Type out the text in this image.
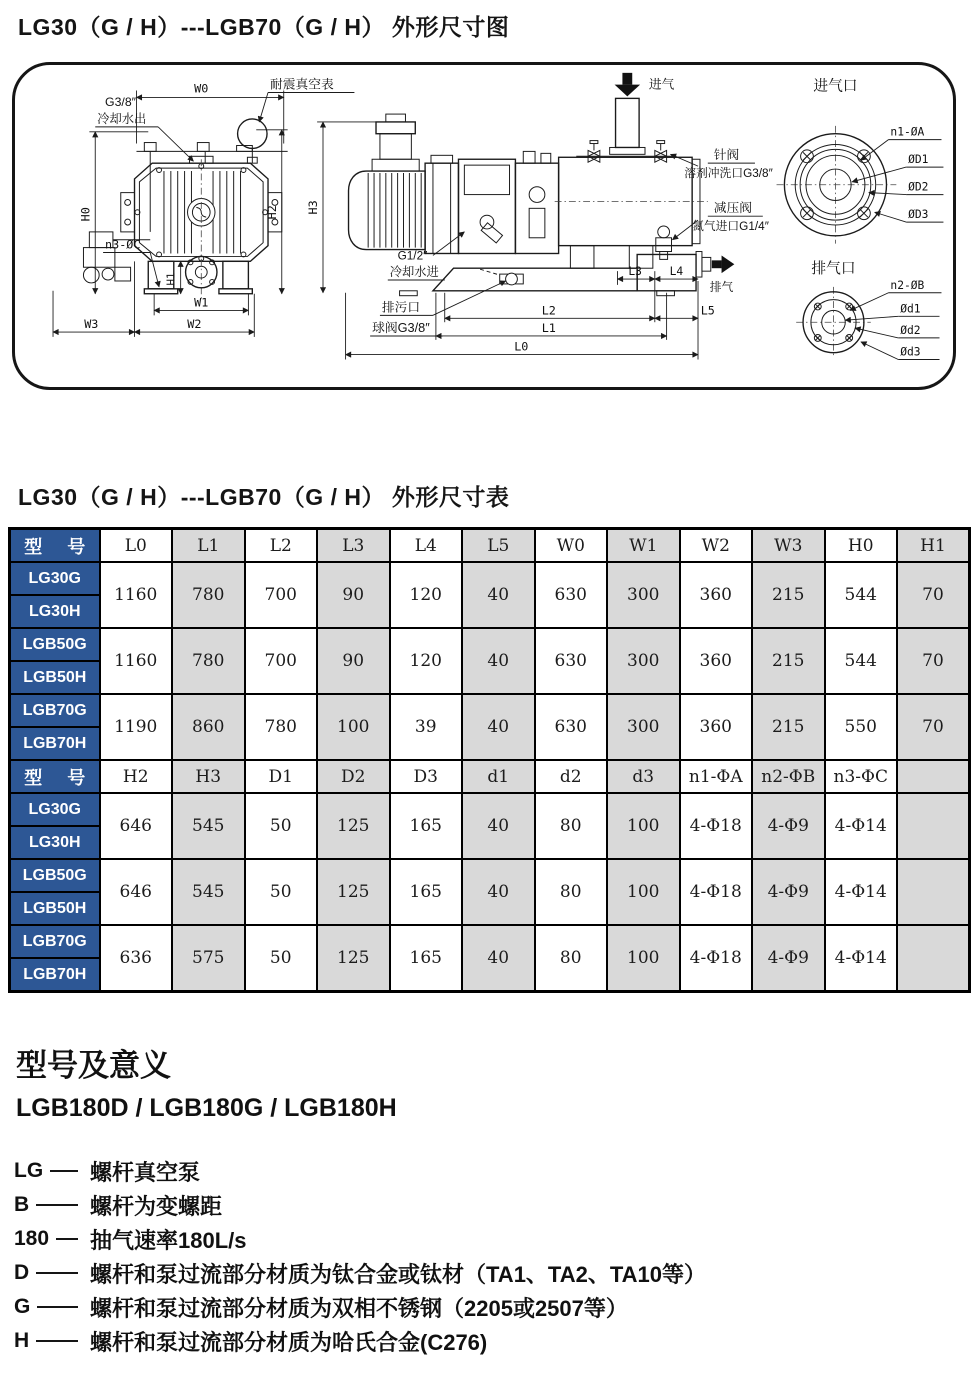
LG30（G / H）---LGB70（G / H） 外形尺寸图
W0	耐震真空表
G3/8″
冷却水出
n3-ØC
H1
W1
W2
W3
H0	H2 H3
进气
针阀
溶剂冲洗口G3/8″
减压阀
氮气进口G1/4″
排气
G1/2″
冷却水进
排污口
球阀G3/8″
L3 L4
L2	L5
L1
L0
进气口
n1-ØA
ØD1
ØD2
ØD3
排气口
n2-ØB
Ød1
Ød2
Ød3
LG30（G / H）---LGB70（G / H） 外形尺寸表
型 号	L0	L1	L2	L3	L4	L5	W0	W1	W2	W3	H0	H1
LG30G	1160	780	700	90	120	40	630	300	360	215	544	70
LG30H												
LGB50G	1160	780	700	90	120	40	630	300	360	215	544	70
LGB50H												
LGB70G	1190	860	780	100	39	40	630	300	360	215	550	70
LGB70H												
型 号	H2	H3	D1	D2	D3	d1	d2	d3	n1-ΦA	n2-ΦB	n3-ΦC	
LG30G	646	545	50	125	165	40	80	100	4-Φ18	4-Φ9	4-Φ14	
LG30H												
LGB50G	646	545	50	125	165	40	80	100	4-Φ18	4-Φ9	4-Φ14	
LGB50H												
LGB70G	636	575	50	125	165	40	80	100	4-Φ18	4-Φ9	4-Φ14	
LGB70H												
型号及意义
LGB180D / LGB180G / LGB180H
LG 螺杆真空泵
B	螺杆为变螺距
180 抽气速率180L/s
D	螺杆和泵过流部分材质为钛合金或钛材（TA1、TA2、TA10等）
G	螺杆和泵过流部分材质为双相不锈钢（2205或2507等）
H	螺杆和泵过流部分材质为哈氏合金(C276)
